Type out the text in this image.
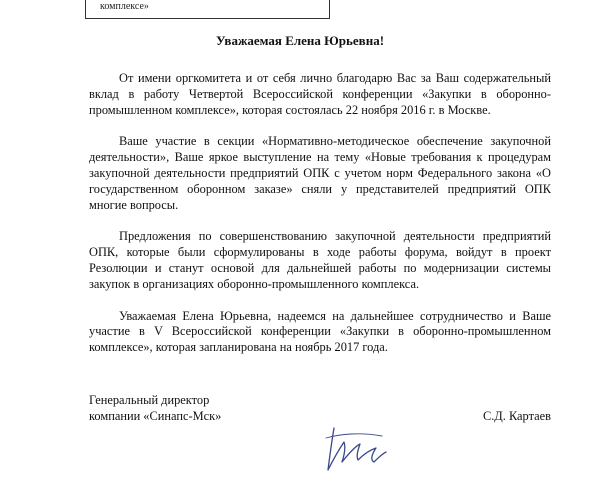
комплексе»
Уважаемая Елена Юрьевна!

От имени оргкомитета и от себя лично благодарю Вас за Ваш содержательный вклад в работу Четвертой Всероссийской конференции «Закупки в оборонно-промышленном комплексе», которая состоялась 22 ноября 2016 г. в Москве.

Ваше участие в секции «Нормативно-методическое обеспечение закупочной деятельности», Ваше яркое выступление на тему «Новые требования к процедурам закупочной деятельности предприятий ОПК с учетом норм Федерального закона «О государственном оборонном заказе» сняли у представителей предприятий ОПК многие вопросы.

Предложения по совершенствованию закупочной деятельности предприятий ОПК, которые были сформулированы в ходе работы форума, войдут в проект Резолюции и станут основой для дальнейшей работы по модернизации системы закупок в организациях оборонно-промышленного комплекса.

Уважаемая Елена Юрьевна, надеемся на дальнейшее сотрудничество и Ваше участие в V Всероссийской конференции «Закупки в оборонно-промышленном комплексе», которая запланирована на ноябрь 2017 года.

Генеральный директор
компании «Синапс-Мск»	С.Д. Картаев
